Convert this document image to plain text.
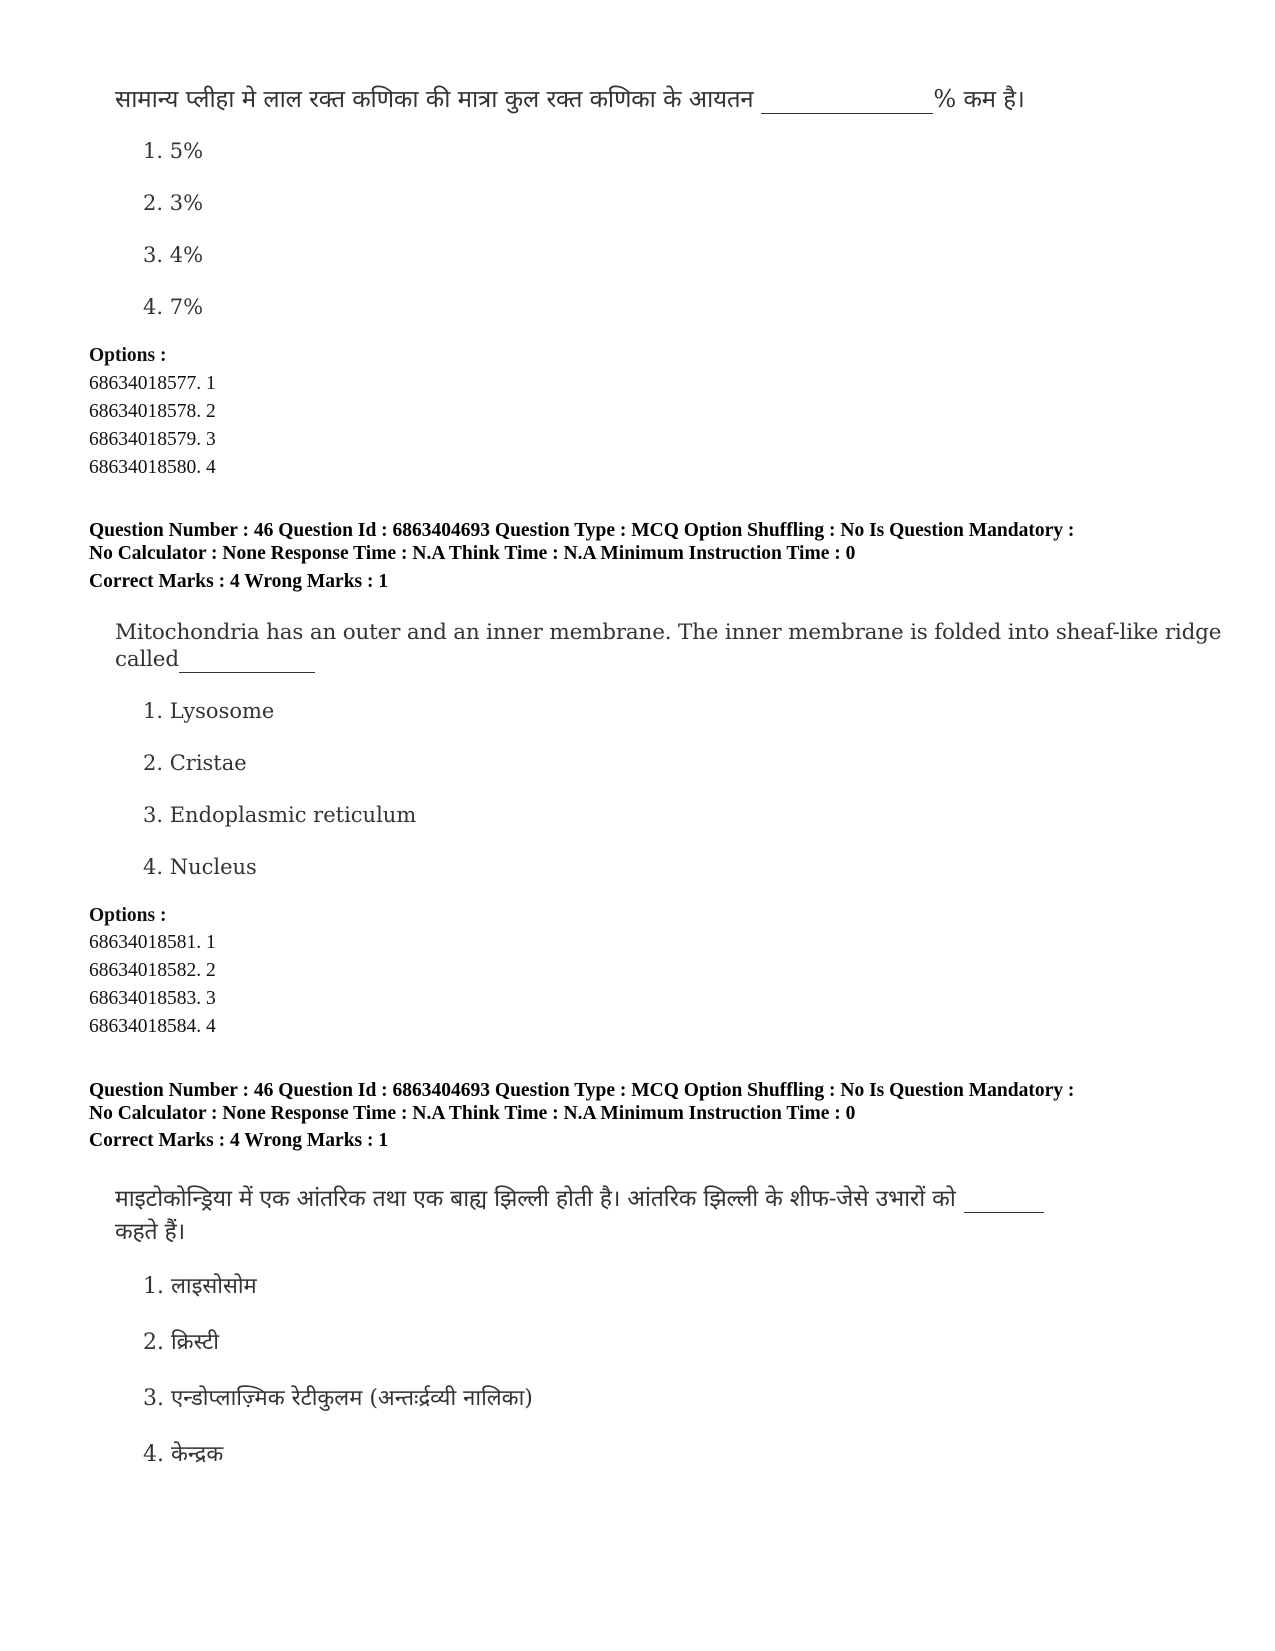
सामान्य प्लीहा मे लाल रक्त कणिका की मात्रा कुल रक्त कणिका के आयतन	% कम है।
1. 5%
2. 3%
3. 4%
4. 7%
Options :
68634018577. 1
68634018578. 2
68634018579. 3
68634018580. 4
Question Number : 46 Question Id : 6863404693 Question Type : MCQ Option Shuffling : No Is Question Mandatory :
No Calculator : None Response Time : N.A Think Time : N.A Minimum Instruction Time : 0
Correct Marks : 4 Wrong Marks : 1
Mitochondria has an outer and an inner membrane. The inner membrane is folded into sheaf-like ridge
called
1. Lysosome
2. Cristae
3. Endoplasmic reticulum
4. Nucleus
Options :
68634018581. 1
68634018582. 2
68634018583. 3
68634018584. 4
Question Number : 46 Question Id : 6863404693 Question Type : MCQ Option Shuffling : No Is Question Mandatory :
No Calculator : None Response Time : N.A Think Time : N.A Minimum Instruction Time : 0
Correct Marks : 4 Wrong Marks : 1
माइटोकोन्ड्रिया में एक आंतरिक तथा एक बाह्य झिल्ली होती है। आंतरिक झिल्ली के शीफ-जेसे उभारों को
कहते हैं।
1. लाइसोसोम
2. क्रिस्टी
3. एन्डोप्लाज़्मिक रेटीकुलम (अन्तःर्द्रव्यी नालिका)
4. केन्द्रक
